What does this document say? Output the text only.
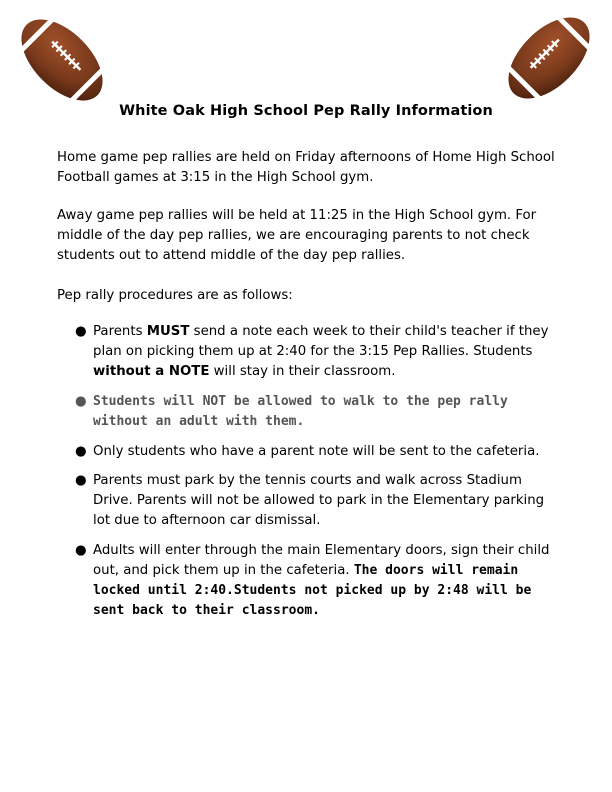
White Oak High School Pep Rally Information
Home game pep rallies are held on Friday afternoons of Home High School Football games at 3:15 in the High School gym.
Away game pep rallies will be held at 11:25 in the High School gym. For middle of the day pep rallies, we are encouraging parents to not check students out to attend middle of the day pep rallies.
Pep rally procedures are as follows:
● Parents MUST send a note each week to their child's teacher if they plan on picking them up at 2:40 for the 3:15 Pep Rallies. Students without a NOTE will stay in their classroom.
● Students will NOT be allowed to walk to the pep rally without an adult with them.
● Only students who have a parent note will be sent to the cafeteria.
● Parents must park by the tennis courts and walk across Stadium Drive. Parents will not be allowed to park in the Elementary parking lot due to afternoon car dismissal.
● Adults will enter through the main Elementary doors, sign their child out, and pick them up in the cafeteria. The doors will remain locked until 2:40.Students not picked up by 2:48 will be sent back to their classroom.
